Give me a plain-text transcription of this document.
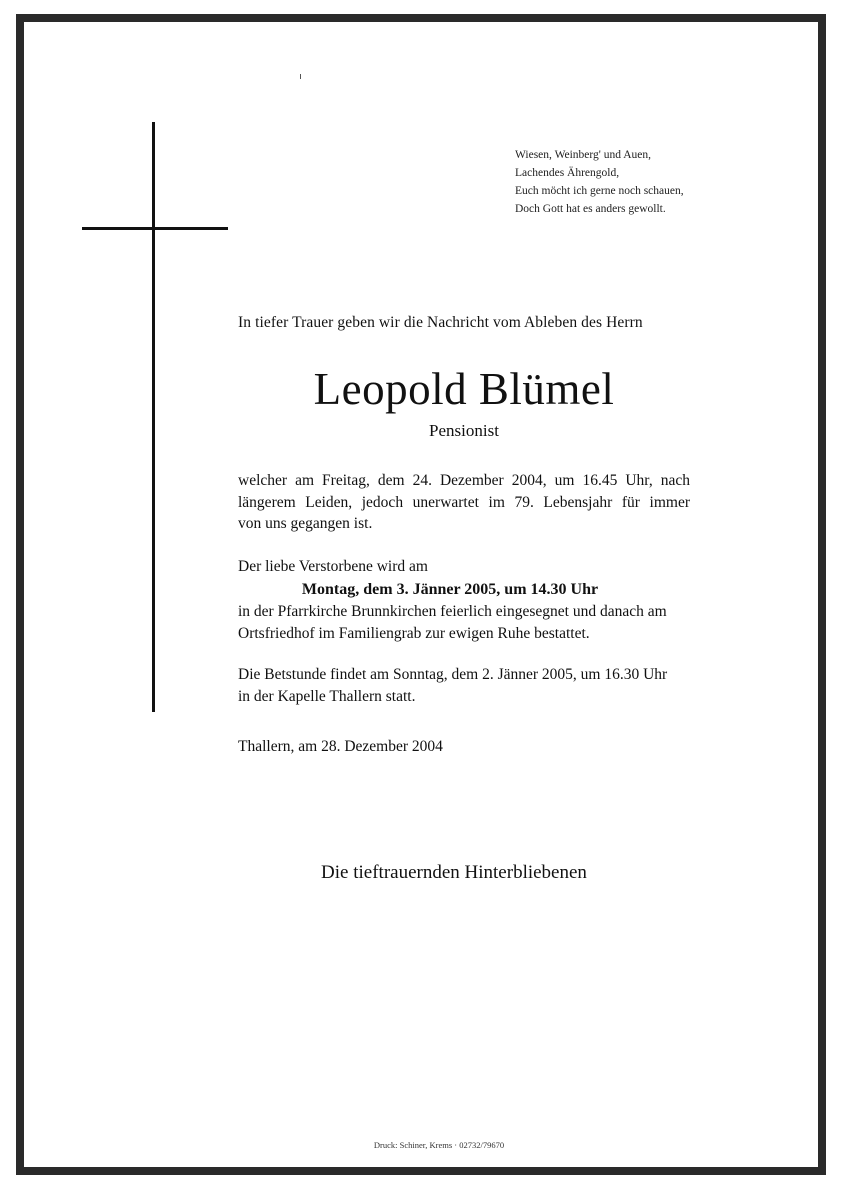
Wiesen, Weinberg' und Auen,
Lachendes Ährengold,
Euch möcht ich gerne noch schauen,
Doch Gott hat es anders gewollt.
In tiefer Trauer geben wir die Nachricht vom Ableben des Herrn
Leopold Blümel
Pensionist
welcher am Freitag, dem 24. Dezember 2004, um 16.45 Uhr, nach
längerem Leiden, jedoch unerwartet im 79. Lebensjahr für immer
von uns gegangen ist.
Der liebe Verstorbene wird am
Montag, dem 3. Jänner 2005, um 14.30 Uhr
in der Pfarrkirche Brunnkirchen feierlich eingesegnet und danach am
Ortsfriedhof im Familiengrab zur ewigen Ruhe bestattet.
Die Betstunde findet am Sonntag, dem 2. Jänner 2005, um 16.30 Uhr
in der Kapelle Thallern statt.
Thallern, am 28. Dezember 2004
Die tieftrauernden Hinterbliebenen
Druck: Schiner, Krems · 02732/79670
